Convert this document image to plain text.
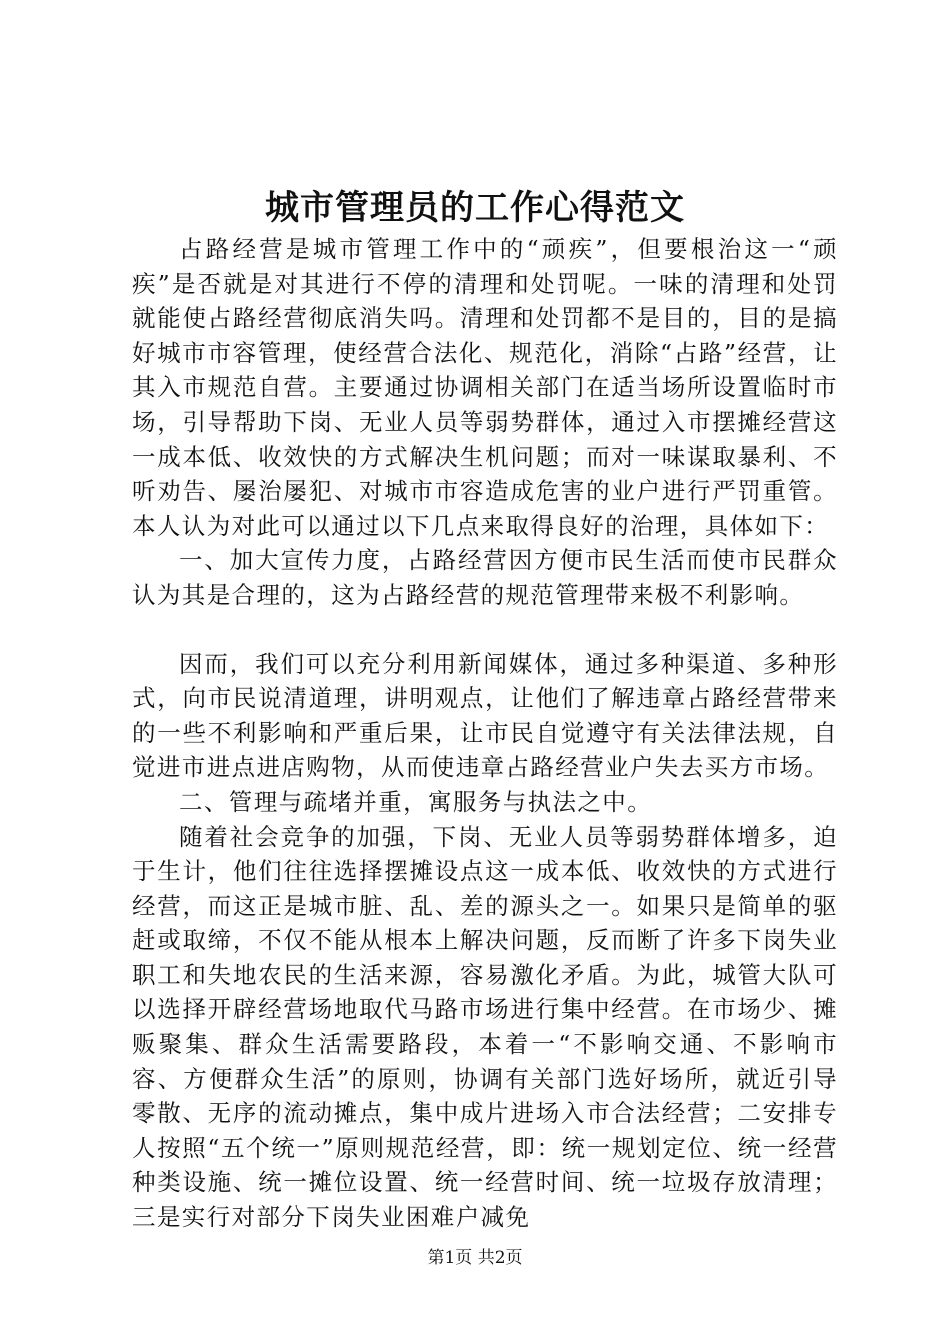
城市管理员的工作心得范文

占路经营是城市管理工作中的“顽疾”，但要根治这一“顽疾”是否就是对其进行不停的清理和处罚呢。一味的清理和处罚就能使占路经营彻底消失吗。清理和处罚都不是目的，目的是搞好城市市容管理，使经营合法化、规范化，消除“占路”经营，让其入市规范自营。主要通过协调相关部门在适当场所设置临时市场，引导帮助下岗、无业人员等弱势群体，通过入市摆摊经营这一成本低、收效快的方式解决生机问题；而对一味谋取暴利、不听劝告、屡治屡犯、对城市市容造成危害的业户进行严罚重管。本人认为对此可以通过以下几点来取得良好的治理，具体如下：

一、加大宣传力度，占路经营因方便市民生活而使市民群众认为其是合理的，这为占路经营的规范管理带来极不利影响。

因而，我们可以充分利用新闻媒体，通过多种渠道、多种形式，向市民说清道理，讲明观点，让他们了解违章占路经营带来的一些不利影响和严重后果，让市民自觉遵守有关法律法规，自觉进市进点进店购物，从而使违章占路经营业户失去买方市场。

二、管理与疏堵并重，寓服务与执法之中。

随着社会竞争的加强，下岗、无业人员等弱势群体增多，迫于生计，他们往往选择摆摊设点这一成本低、收效快的方式进行经营，而这正是城市脏、乱、差的源头之一。如果只是简单的驱赶或取缔，不仅不能从根本上解决问题，反而断了许多下岗失业职工和失地农民的生活来源，容易激化矛盾。为此，城管大队可以选择开辟经营场地取代马路市场进行集中经营。在市场少、摊贩聚集、群众生活需要路段，本着一“不影响交通、不影响市容、方便群众生活”的原则，协调有关部门选好场所，就近引导零散、无序的流动摊点，集中成片进场入市合法经营；二安排专人按照“五个统一”原则规范经营，即：统一规划定位、统一经营种类设施、统一摊位设置、统一经营时间、统一垃圾存放清理；三是实行对部分下岗失业困难户减免

第1页 共2页
